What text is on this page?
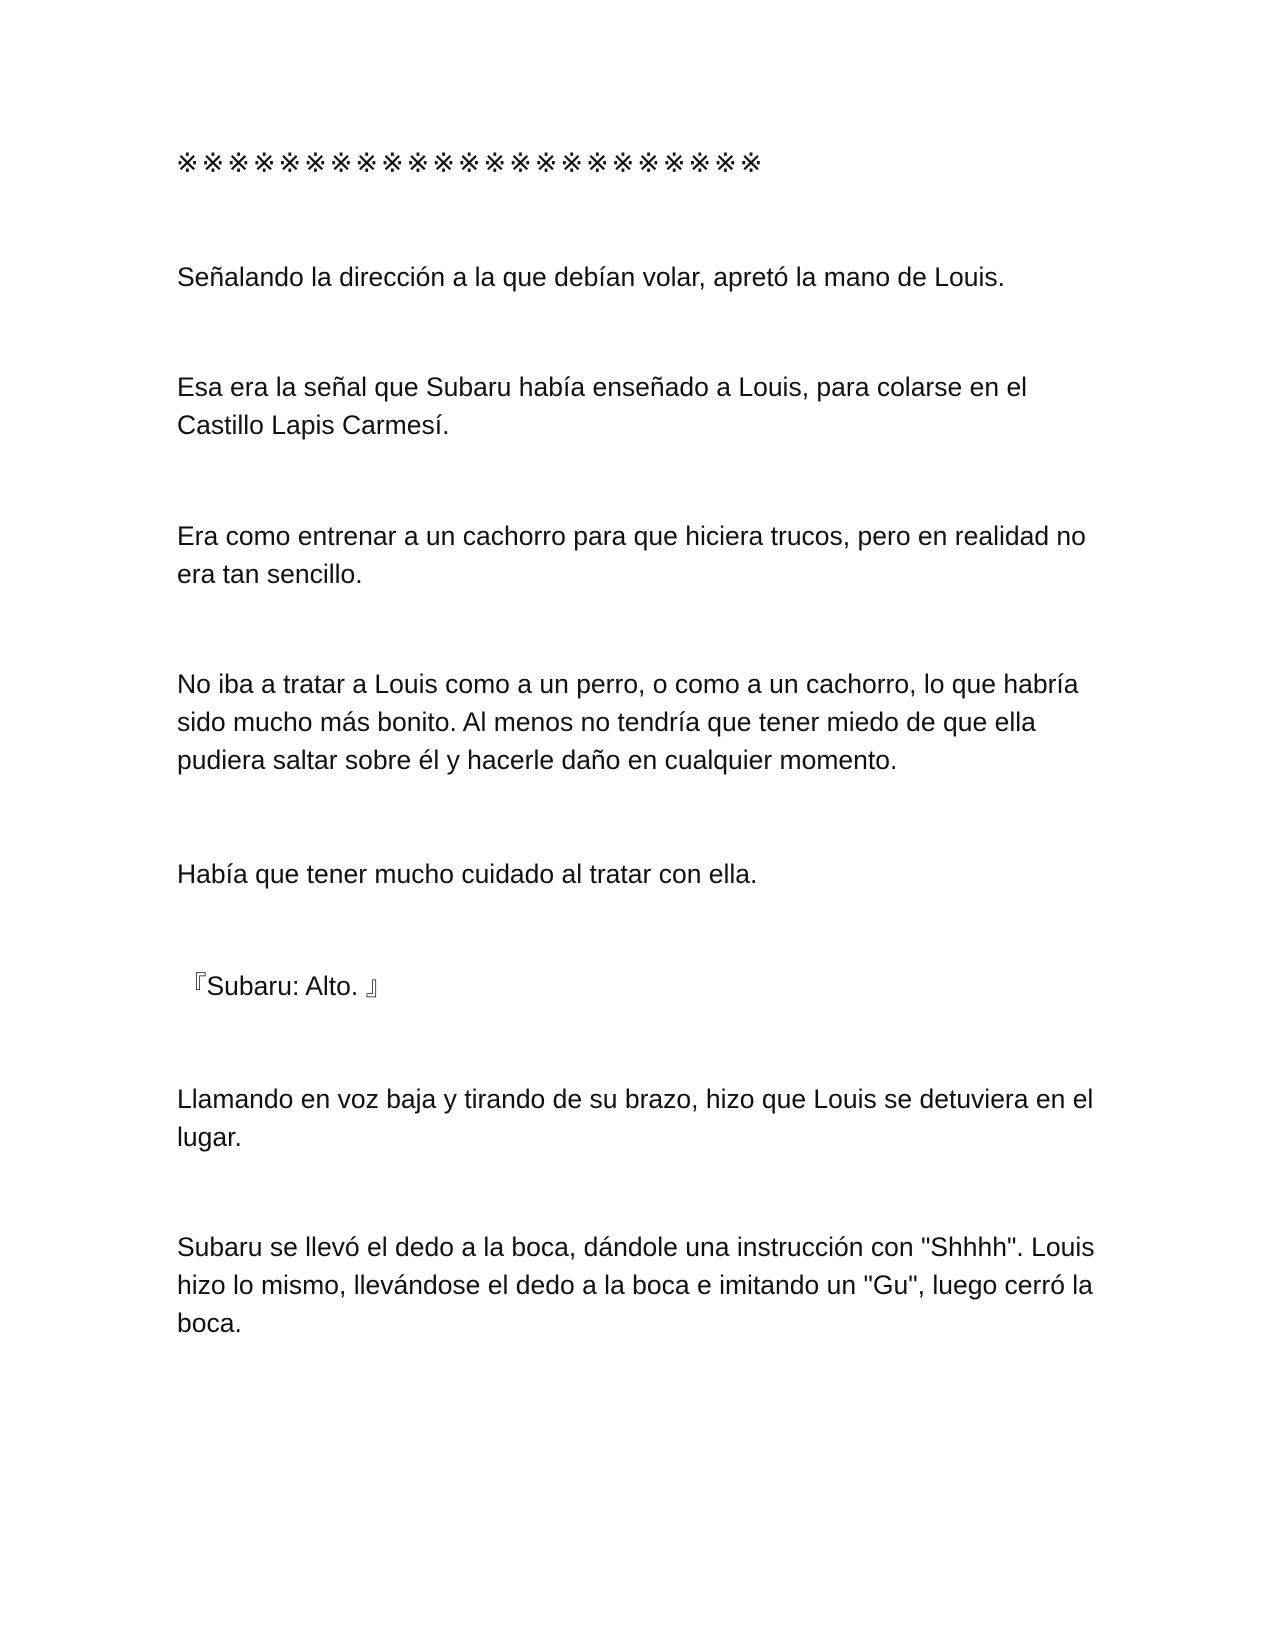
※※※※※※※※※※※※※※※※※※※※※※※

Señalando la dirección a la que debían volar, apretó la mano de Louis.

Esa era la señal que Subaru había enseñado a Louis, para colarse en el Castillo Lapis Carmesí.

Era como entrenar a un cachorro para que hiciera trucos, pero en realidad no era tan sencillo.

No iba a tratar a Louis como a un perro, o como a un cachorro, lo que habría sido mucho más bonito. Al menos no tendría que tener miedo de que ella pudiera saltar sobre él y hacerle daño en cualquier momento.

Había que tener mucho cuidado al tratar con ella.

『Subaru: Alto. 』

Llamando en voz baja y tirando de su brazo, hizo que Louis se detuviera en el lugar.

Subaru se llevó el dedo a la boca, dándole una instrucción con "Shhhh". Louis hizo lo mismo, llevándose el dedo a la boca e imitando un "Gu", luego cerró la boca.
